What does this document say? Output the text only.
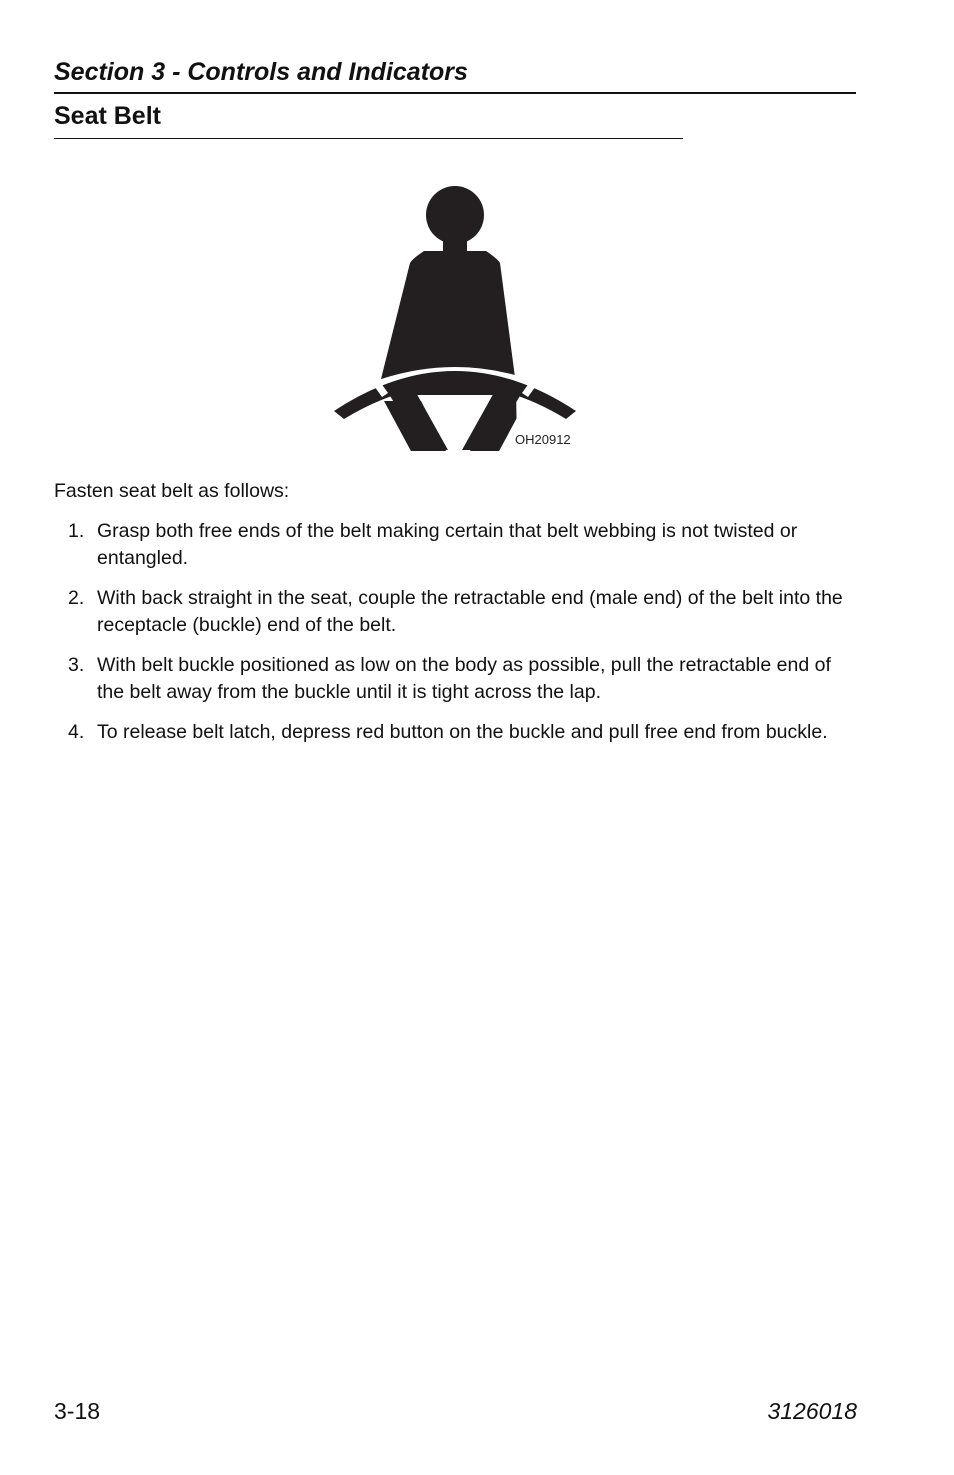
Section 3 - Controls and Indicators
Seat Belt
OH20912

Fasten seat belt as follows:

1. Grasp both free ends of the belt making certain that belt webbing is not twisted or entangled.
2. With back straight in the seat, couple the retractable end (male end) of the belt into the receptacle (buckle) end of the belt.
3. With belt buckle positioned as low on the body as possible, pull the retractable end of the belt away from the buckle until it is tight across the lap.
4. To release belt latch, depress red button on the buckle and pull free end from buckle.
3-18	3126018
